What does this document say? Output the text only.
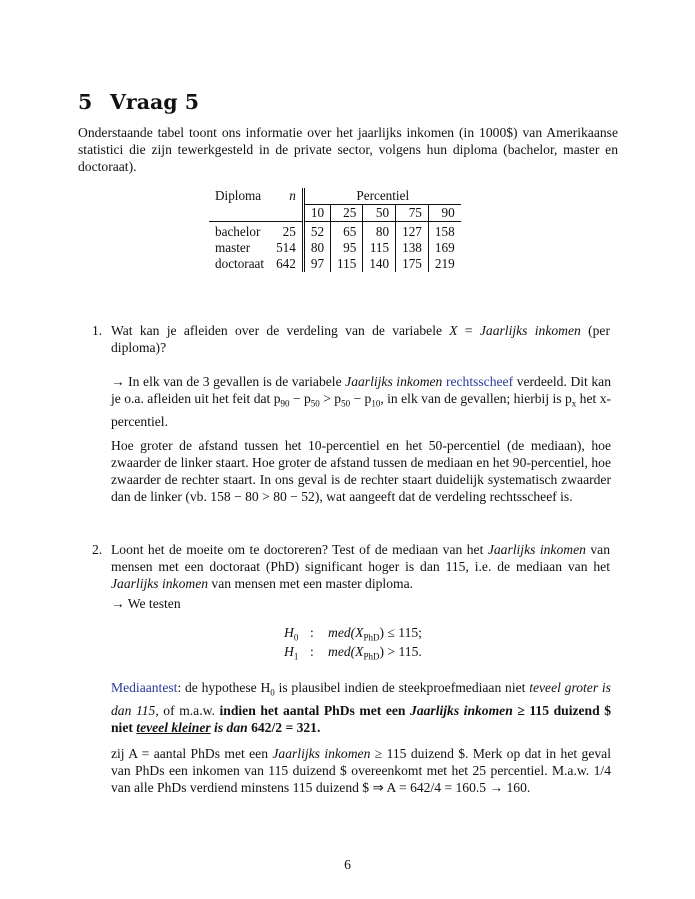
5 Vraag 5
Onderstaande tabel toont ons informatie over het jaarlijks inkomen (in 1000$) van Amerikaanse statistici die zijn tewerkgesteld in de private sector, volgens hun diploma (bachelor, master en doctoraat).
Diploma	n	Percentiel				
		10	25	50	75	90
bachelor	25	52	65	80	127	158
master	514	80	95	115	138	169
doctoraat	642	97	115	140	175	219
1. Wat kan je afleiden over de verdeling van de variabele X = Jaarlijks inkomen (per diploma)?
→ In elk van de 3 gevallen is de variabele Jaarlijks inkomen rechtsscheef verdeeld. Dit kan je o.a. afleiden uit het feit dat $p_{90} - p_{50} > p_{50} - p_{10}$, in elk van de gevallen; hierbij is $p_x$ het x-percentiel.
Hoe groter de afstand tussen het 10-percentiel en het 50-percentiel (de mediaan), hoe zwaarder de linker staart. Hoe groter de afstand tussen de mediaan en het 90-percentiel, hoe zwaarder de rechter staart. In ons geval is de rechter staart duidelijk systematisch zwaarder dan de linker (vb. 158 − 80 > 80 − 52), wat aangeeft dat de verdeling rechtsscheef is.
2. Loont het de moeite om te doctoreren? Test of de mediaan van het Jaarlijks inkomen van mensen met een doctoraat (PhD) significant hoger is dan 115, i.e. de mediaan van het Jaarlijks inkomen van mensen met een master diploma.
→ We testen
$H_0$ : $med(X_{PhD}) \le 115$;
$H_1$ : $med(X_{PhD}) > 115$.
Mediaantest: de hypothese $H_0$ is plausibel indien de steekproefmediaan niet teveel groter is dan 115, of m.a.w. indien het aantal PhDs met een Jaarlijks inkomen ≥ 115 duizend $ niet teveel kleiner is dan 642/2 = 321.
zij A = aantal PhDs met een Jaarlijks inkomen ≥ 115 duizend $. Merk op dat in het geval van PhDs een inkomen van 115 duizend $ overeenkomt met het 25 percentiel. M.a.w. 1/4 van alle PhDs verdiend minstens 115 duizend $ ⇒ A = 642/4 = 160.5 → 160.
6
